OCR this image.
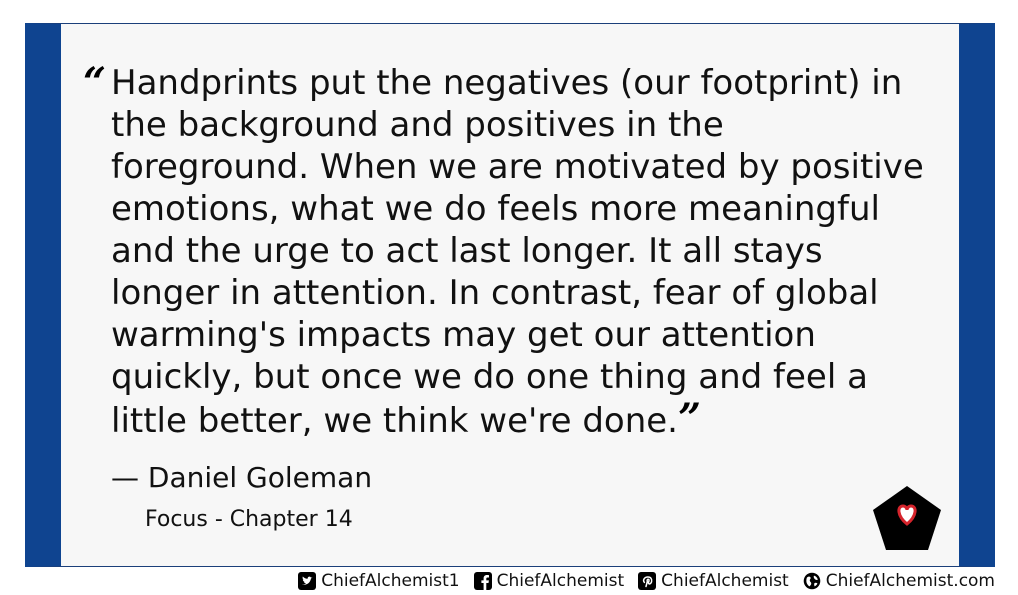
“ Handprints put the negatives (our footprint) in the background and positives in the foreground. When we are motivated by positive emotions, what we do feels more meaningful and the urge to act last longer. It all stays longer in attention. In contrast, fear of global warming's impacts may get our attention quickly, but once we do one thing and feel a little better, we think we're done.”

— Daniel Goleman
Focus - Chapter 14
ChiefAlchemist1 ChiefAlchemist ChiefAlchemist ChiefAlchemist.com
